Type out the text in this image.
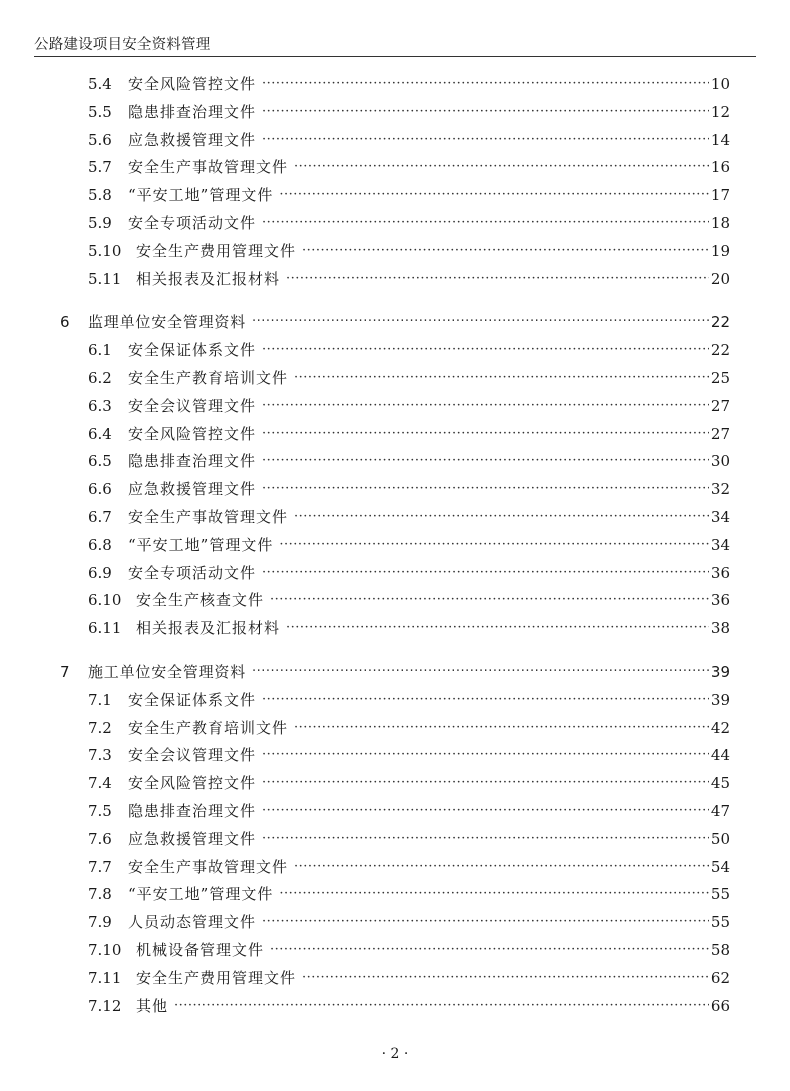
公路建设项目安全资料管理
5.4	安全风险管控文件 ·····	10
5.5	隐患排查治理文件 ·····	12
5.6	应急救援管理文件 ·····	14
5.7	安全生产事故管理文件 ·····	16
5.8	“平安工地”管理文件 ·····	17
5.9	安全专项活动文件 ·····	18
5.10 安全生产费用管理文件 ·····	19
5.11 相关报表及汇报材料 ·····	20
6	监理单位安全管理资料 ·····	22
6.1	安全保证体系文件 ·····	22
6.2	安全生产教育培训文件 ·····	25
6.3	安全会议管理文件 ·····	27
6.4	安全风险管控文件 ·····	27
6.5	隐患排查治理文件 ·····	30
6.6	应急救援管理文件 ·····	32
6.7	安全生产事故管理文件 ·····	34
6.8	“平安工地”管理文件 ·····	34
6.9	安全专项活动文件 ·····	36
6.10 安全生产核查文件 ·····	36
6.11 相关报表及汇报材料 ·····	38
7	施工单位安全管理资料 ·····	39
7.1	安全保证体系文件 ·····	39
7.2	安全生产教育培训文件 ·····	42
7.3	安全会议管理文件 ·····	44
7.4	安全风险管控文件 ·····	45
7.5	隐患排查治理文件 ·····	47
7.6	应急救援管理文件 ·····	50
7.7	安全生产事故管理文件 ·····	54
7.8	“平安工地”管理文件 ·····	55
7.9	人员动态管理文件 ·····	55
7.10 机械设备管理文件 ·····	58
7.11 安全生产费用管理文件 ·····	62
7.12 其他 ·····	66
· 2 ·
